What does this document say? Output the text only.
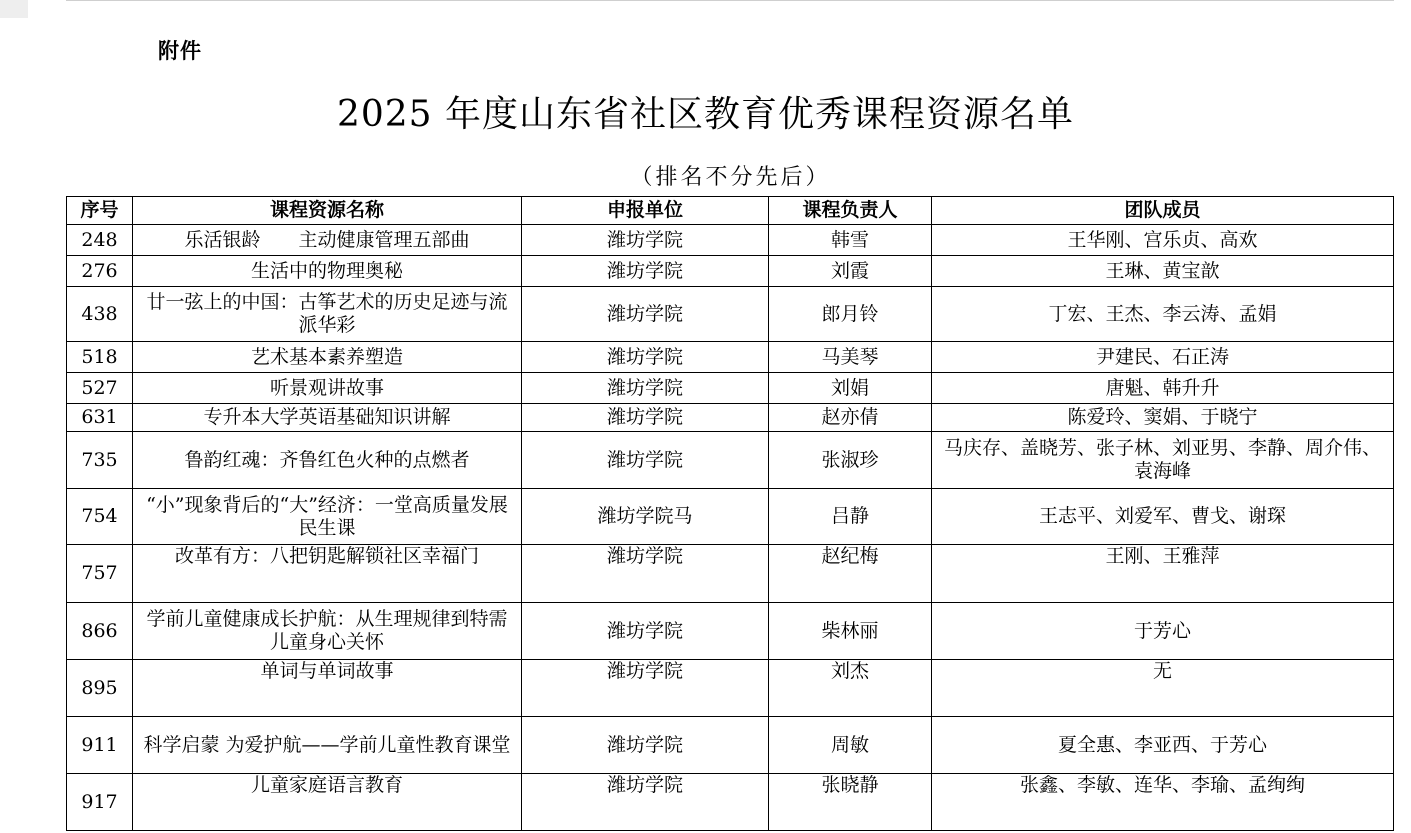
附件
2025 年度山东省社区教育优秀课程资源名单
（排名不分先后）
序号	课程资源名称	申报单位	课程负责人	团队成员
248	乐活银龄　　主动健康管理五部曲	潍坊学院	韩雪	王华刚、宫乐贞、高欢
276	生活中的物理奥秘	潍坊学院	刘霞	王琳、黄宝歆
438	廿一弦上的中国：古筝艺术的历史足迹与流派华彩	潍坊学院	郎月铃	丁宏、王杰、李云涛、孟娟
518	艺术基本素养塑造	潍坊学院	马美琴	尹建民、石正涛
527	听景观讲故事	潍坊学院	刘娟	唐魁、韩升升
631	专升本大学英语基础知识讲解	潍坊学院	赵亦倩	陈爱玲、窦娟、于晓宁
735	鲁韵红魂：齐鲁红色火种的点燃者	潍坊学院	张淑珍	马庆存、盖晓芳、张子林、刘亚男、李静、周介伟、袁海峰
754	“小”现象背后的“大”经济：一堂高质量发展民生课	潍坊学院马	吕静	王志平、刘爱军、曹戈、谢琛
757	改革有方：八把钥匙解锁社区幸福门	潍坊学院	赵纪梅	王刚、王雅萍
866	学前儿童健康成长护航：从生理规律到特需儿童身心关怀	潍坊学院	柴林丽	于芳心
895	单词与单词故事	潍坊学院	刘杰	无
911	科学启蒙 为爱护航——学前儿童性教育课堂	潍坊学院	周敏	夏全惠、李亚西、于芳心
917	儿童家庭语言教育	潍坊学院	张晓静	张鑫、李敏、连华、李瑜、孟绚绚
